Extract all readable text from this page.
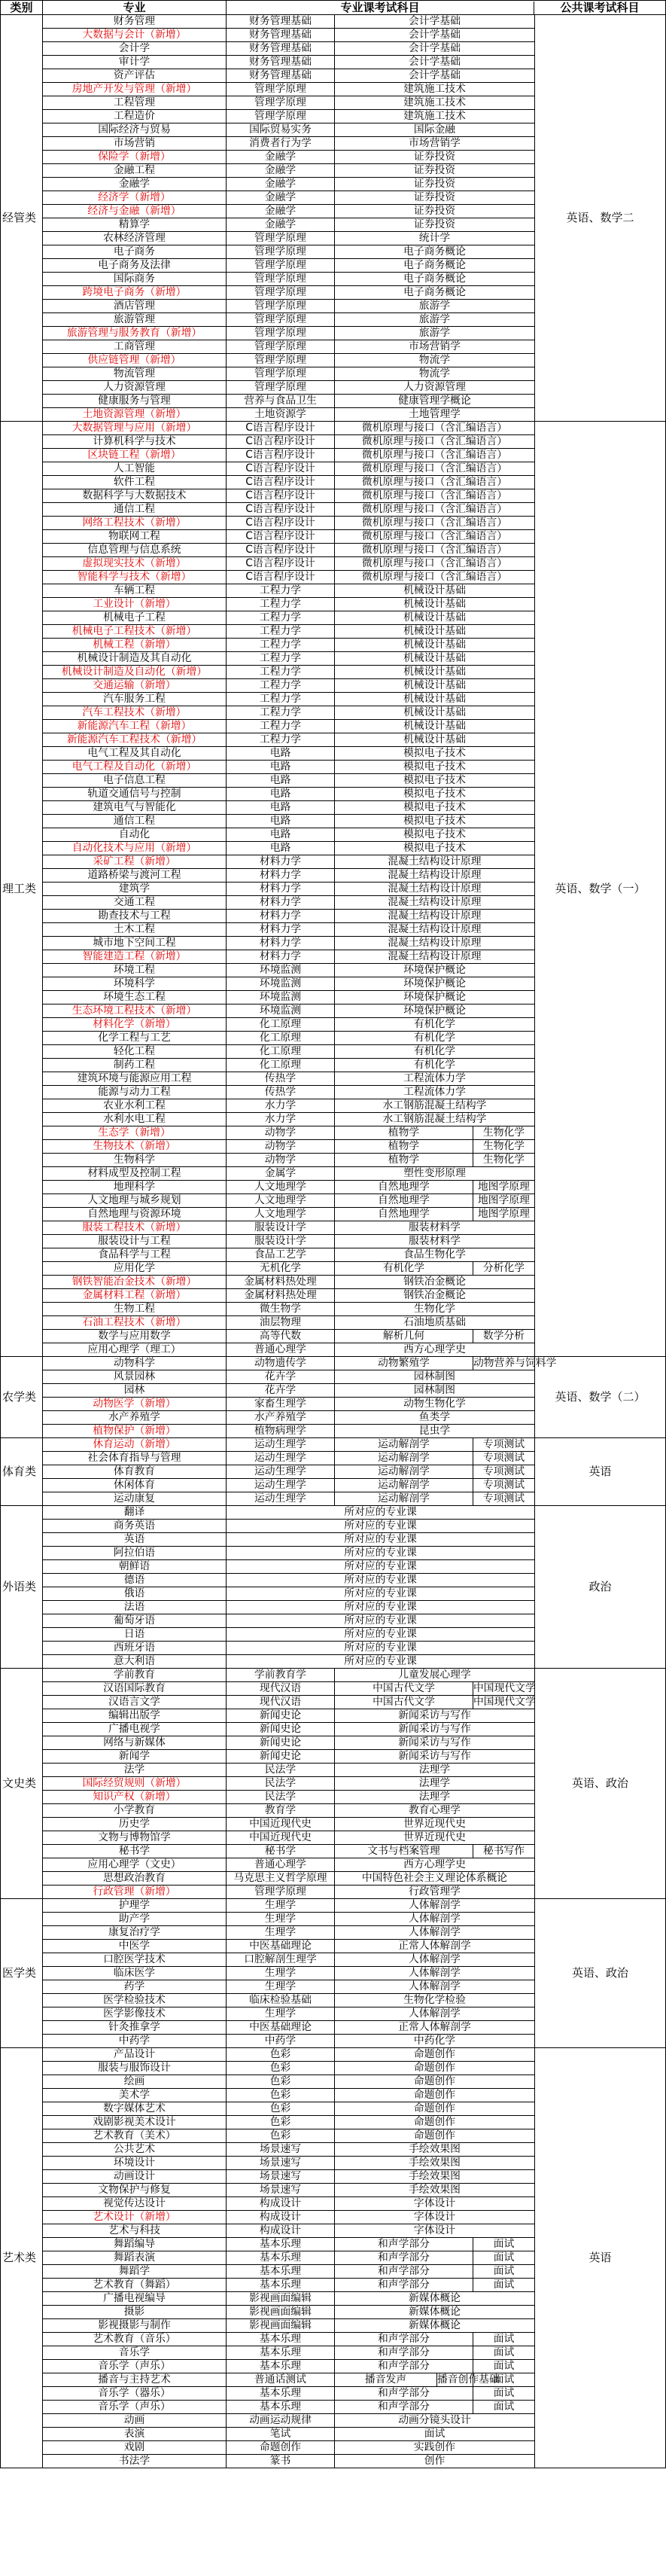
类别	专业	专业课考试科目 公共课考试科目				

经管类	财务管理	财务管理基础	会计学基础			英语、数学二
	大数据与会计（新增）	财务管理基础	会计学基础			
	会计学	财务管理基础	会计学基础			
	审计学	财务管理基础	会计学基础			
	资产评估	财务管理基础	会计学基础			
	房地产开发与管理（新增）	管理学原理	建筑施工技术			
	工程管理	管理学原理	建筑施工技术			
	工程造价	管理学原理	建筑施工技术			
	国际经济与贸易	国际贸易实务	国际金融			
	市场营销	消费者行为学	市场营销学			
	保险学（新增）	金融学	证券投资			
	金融工程	金融学	证券投资			
	金融学	金融学	证券投资			
	经济学（新增）	金融学	证券投资			
	经济与金融（新增）	金融学	证券投资			
	精算学	金融学	证券投资			
	农林经济管理	管理学原理	统计学			
	电子商务	管理学原理	电子商务概论			
	电子商务及法律	管理学原理	电子商务概论			
	国际商务	管理学原理	电子商务概论			
	跨境电子商务（新增）	管理学原理	电子商务概论			
	酒店管理	管理学原理	旅游学			
	旅游管理	管理学原理	旅游学			
	旅游管理与服务教育（新增）	管理学原理	旅游学			
	工商管理	管理学原理	市场营销学			
	供应链管理（新增）	管理学原理	物流学			
	物流管理	管理学原理	物流学			
	人力资源管理	管理学原理	人力资源管理			
	健康服务与管理	营养与食品卫生	健康管理学概论			
	土地资源管理（新增）	土地资源学	土地管理学			
理工类	大数据管理与应用（新增）	C语言程序设计	微机原理与接口（含汇编语言）			英语、数学（一）
	计算机科学与技术	C语言程序设计	微机原理与接口（含汇编语言）			
	区块链工程（新增）	C语言程序设计	微机原理与接口（含汇编语言）			
	人工智能	C语言程序设计	微机原理与接口（含汇编语言）			
	软件工程	C语言程序设计	微机原理与接口（含汇编语言）			
	数据科学与大数据技术	C语言程序设计	微机原理与接口（含汇编语言）			
	通信工程	C语言程序设计	微机原理与接口（含汇编语言）			
	网络工程技术（新增）	C语言程序设计	微机原理与接口（含汇编语言）			
	物联网工程	C语言程序设计	微机原理与接口（含汇编语言）			
	信息管理与信息系统	C语言程序设计	微机原理与接口（含汇编语言）			
	虚拟现实技术（新增）	C语言程序设计	微机原理与接口（含汇编语言）			
	智能科学与技术（新增）	C语言程序设计	微机原理与接口（含汇编语言）			
	车辆工程	工程力学	机械设计基础			
	工业设计（新增）	工程力学	机械设计基础			
	机械电子工程	工程力学	机械设计基础			
	机械电子工程技术（新增）	工程力学	机械设计基础			
	机械工程（新增）	工程力学	机械设计基础			
	机械设计制造及其自动化	工程力学	机械设计基础			
	机械设计制造及自动化（新增）	工程力学	机械设计基础			
	交通运输（新增）	工程力学	机械设计基础			
	汽车服务工程	工程力学	机械设计基础			
	汽车工程技术（新增）	工程力学	机械设计基础			
	新能源汽车工程（新增）	工程力学	机械设计基础			
	新能源汽车工程技术（新增）	工程力学	机械设计基础			
	电气工程及其自动化	电路	模拟电子技术			
	电气工程及自动化（新增）	电路	模拟电子技术			
	电子信息工程	电路	模拟电子技术			
	轨道交通信号与控制	电路	模拟电子技术			
	建筑电气与智能化	电路	模拟电子技术			
	通信工程	电路	模拟电子技术			
	自动化	电路	模拟电子技术			
	自动化技术与应用（新增）	电路	模拟电子技术			
	采矿工程（新增）	材料力学	混凝土结构设计原理			
	道路桥梁与渡河工程	材料力学	混凝土结构设计原理			
	建筑学	材料力学	混凝土结构设计原理			
	交通工程	材料力学	混凝土结构设计原理			
	勘查技术与工程	材料力学	混凝土结构设计原理			
	土木工程	材料力学	混凝土结构设计原理			
	城市地下空间工程	材料力学	混凝土结构设计原理			
	智能建造工程（新增）	材料力学	混凝土结构设计原理			
	环境工程	环境监测	环境保护概论			
	环境科学	环境监测	环境保护概论			
	环境生态工程	环境监测	环境保护概论			
	生态环境工程技术（新增）	环境监测	环境保护概论			
	材料化学（新增）	化工原理	有机化学			
	化学工程与工艺	化工原理	有机化学			
	轻化工程	化工原理	有机化学			
	制药工程	化工原理	有机化学			
	建筑环境与能源应用工程	传热学	工程流体力学			
	能源与动力工程	传热学	工程流体力学			
	农业水利工程	水力学	水工钢筋混凝土结构学			
	水利水电工程	水力学	水工钢筋混凝土结构学			
	生态学（新增）	动物学	植物学		生物化学	
	生物技术（新增）	动物学	植物学		生物化学	
	生物科学	动物学	植物学		生物化学	
	材料成型及控制工程	金属学	塑性变形原理			
	地理科学	人文地理学	自然地理学		地图学原理	
	人文地理与城乡规划	人文地理学	自然地理学		地图学原理	
	自然地理与资源环境	人文地理学	自然地理学		地图学原理	
	服装工程技术（新增）	服装设计学	服装材料学			
	服装设计与工程	服装设计学	服装材料学			
	食品科学与工程	食品工艺学	食品生物化学			
	应用化学	无机化学	有机化学		分析化学	
	钢铁智能冶金技术（新增）	金属材料热处理	钢铁冶金概论			
	金属材料工程（新增）	金属材料热处理	钢铁冶金概论			
	生物工程	微生物学	生物化学			
	石油工程技术（新增）	油层物理	石油地质基础			
	数学与应用数学	高等代数	解析几何		数学分析	
	应用心理学（理工）	普通心理学	西方心理学史			
农学类	动物科学	动物遗传学	动物繁殖学		动物营养与饲料学	英语、数学（二）
	风景园林	花卉学	园林制图			
	园林	花卉学	园林制图			
	动物医学（新增）	家畜生理学	动物生物化学			
	水产养殖学	水产养殖学	鱼类学			
	植物保护（新增）	植物病理学	昆虫学			
体育类	休育运动（新增）	运动生理学	运动解剖学		专项测试	英语
	社会体育指导与管理	运动生理学	运动解剖学		专项测试	
	体育教育	运动生理学	运动解剖学		专项测试	
	休闲体育	运动生理学	运动解剖学		专项测试	
	运动康复	运动生理学	运动解剖学		专项测试	
外语类	翻译	所对应的专业课				政治
	商务英语	所对应的专业课				
	英语	所对应的专业课				
	阿拉伯语	所对应的专业课				
	朝鲜语	所对应的专业课				
	德语	所对应的专业课				
	俄语	所对应的专业课				
	法语	所对应的专业课				
	葡萄牙语	所对应的专业课				
	日语	所对应的专业课				
	西班牙语	所对应的专业课				
	意大利语	所对应的专业课				
文史类	学前教育	学前教育学	儿童发展心理学			英语、政治
	汉语国际教育	现代汉语	中国古代文学		中国现代文学	
	汉语言文学	现代汉语	中国古代文学		中国现代文学	
	编辑出版学	新闻史论	新闻采访与写作			
	广播电视学	新闻史论	新闻采访与写作			
	网络与新媒体	新闻史论	新闻采访与写作			
	新闻学	新闻史论	新闻采访与写作			
	法学	民法学	法理学			
	国际经贸规则（新增）	民法学	法理学			
	知识产权（新增）	民法学	法理学			
	小学教育	教育学	教育心理学			
	历史学	中国近现代史	世界近现代史			
	文物与博物馆学	中国近现代史	世界近现代史			
	秘书学	秘书学	文书与档案管理		秘书写作	
	应用心理学（文史）	普通心理学	西方心理学史			
	思想政治教育	马克思主义哲学原理	中国特色社会主义理论体系概论			
	行政管理（新增）	管理学原理	行政管理学			
医学类	护理学	生理学	人体解剖学			英语、政治
	助产学	生理学	人体解剖学			
	康复治疗学	生理学	人体解剖学			
	中医学	中医基础理论	正常人体解剖学			
	口腔医学技术	口腔解剖生理学	人体解剖学			
	临床医学	生理学	人体解剖学			
	药学	生理学	人体解剖学			
	医学检验技术	临床检验基础	生物化学检验			
	医学影像技术	生理学	人体解剖学			
	针灸推拿学	中医基础理论	正常人体解剖学			
	中药学	中药学	中药化学			
艺术类	产品设计	色彩	命题创作			英语
	服装与服饰设计	色彩	命题创作			
	绘画	色彩	命题创作			
	美术学	色彩	命题创作			
	数字媒体艺术	色彩	命题创作			
	戏剧影视美术设计	色彩	命题创作			
	艺术教育（美术）	色彩	命题创作			
	公共艺术	场景速写	手绘效果图			
	环境设计	场景速写	手绘效果图			
	动画设计	场景速写	手绘效果图			
	文物保护与修复	场景速写	手绘效果图			
	视觉传达设计	构成设计	字体设计			
	艺术设计（新增）	构成设计	字体设计			
	艺术与科技	构成设计	字体设计			
	舞蹈编导	基本乐理	和声学部分		面试	
	舞蹈表演	基本乐理	和声学部分		面试	
	舞蹈学	基本乐理	和声学部分		面试	
	艺术教育（舞蹈）	基本乐理	和声学部分		面试	
	广播电视编导	影视画面编辑	新媒体概论			
	摄影	影视画面编辑	新媒体概论			
	影视摄影与制作	影视画面编辑	新媒体概论			
	艺术教育（音乐）	基本乐理	和声学部分		面试	
	音乐学	基本乐理	和声学部分		面试	
	音乐学（声乐）	基本乐理	和声学部分		面试	
	播音与主持艺术	普通话测试	播音发声	播音创作基础	面试	
	音乐学（器乐）	基本乐理	和声学部分		面试	
	音乐学（声乐）	基本乐理	和声学部分		面试	
	动画	动画运动规律	动画分镜头设计			
	表演	笔试	面试			
	戏剧	命题创作	实践创作			
	书法学	篆书	创作			
